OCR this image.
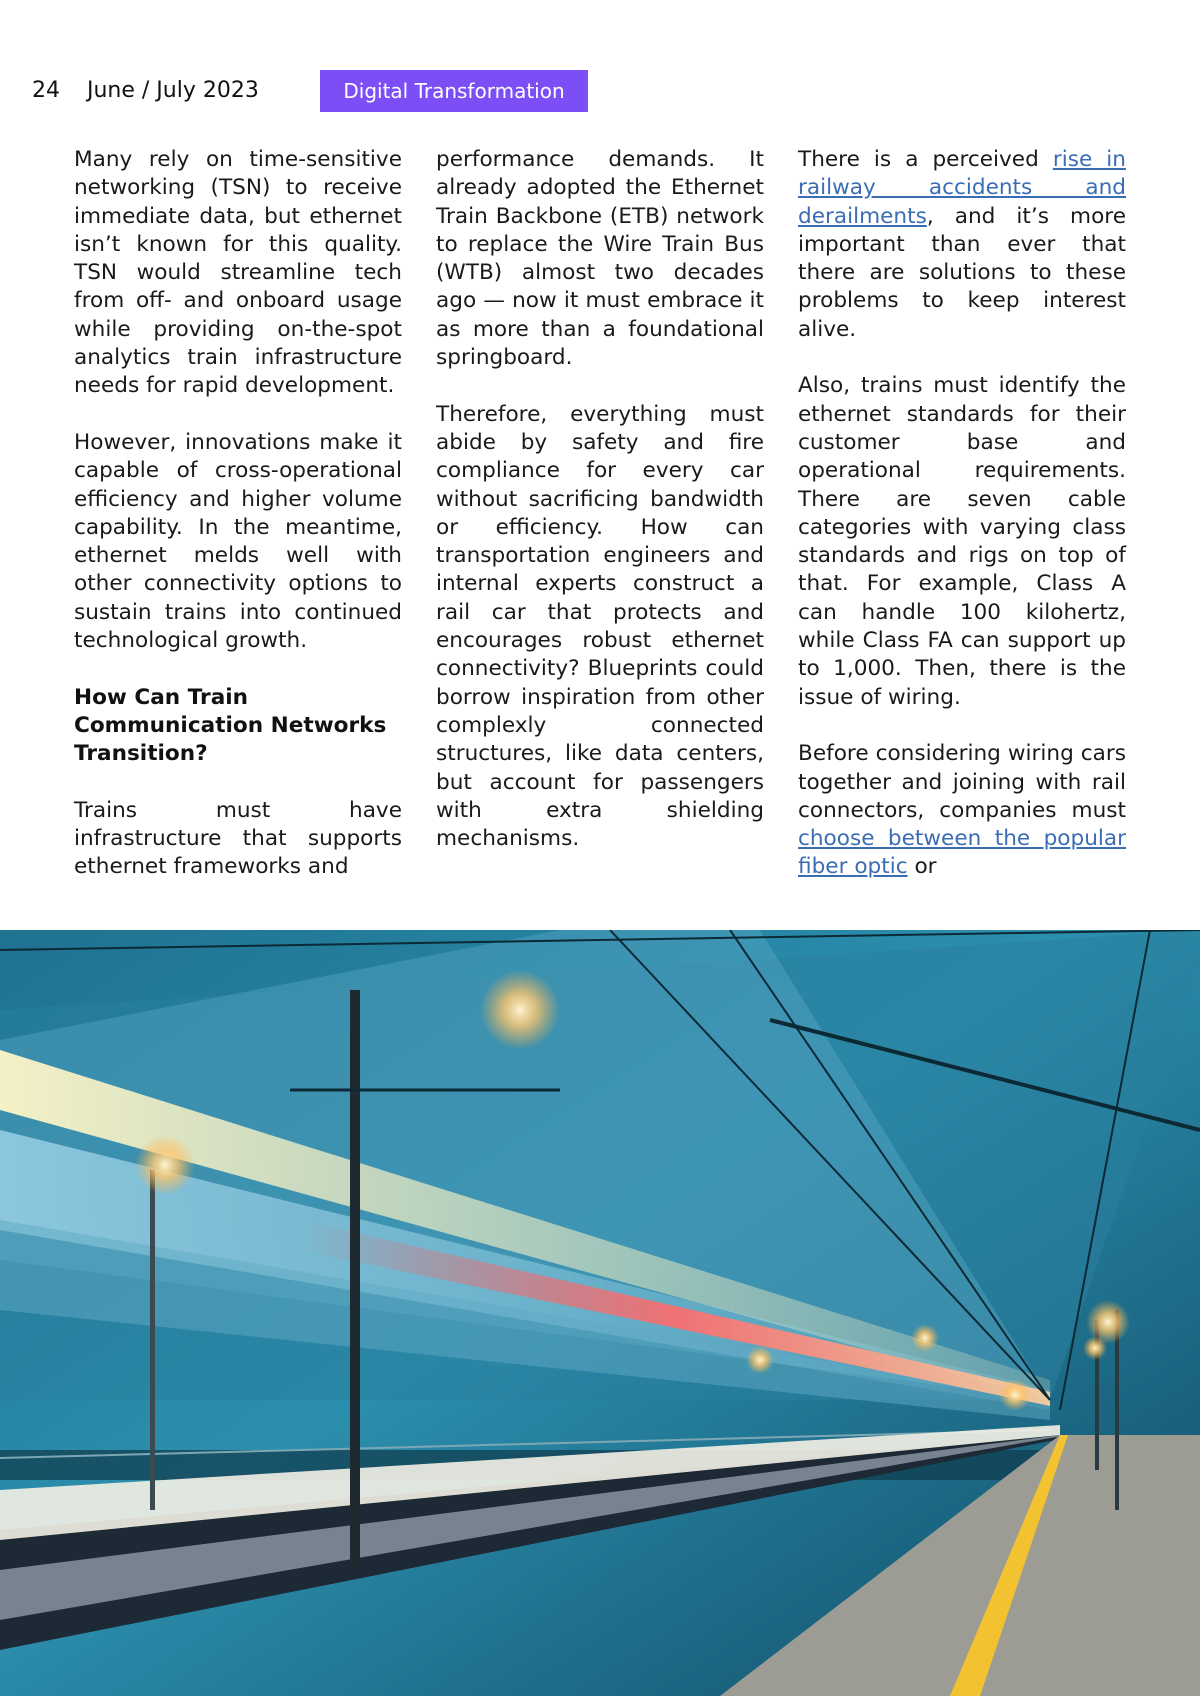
24 June / July 2023	Digital Transformation

Many rely on time-sensitive networking (TSN) to receive immediate data, but ethernet isn’t known for this quality. TSN would streamline tech from off- and onboard usage while providing on-the-spot analytics train infrastructure needs for rapid development.

However, innovations make it capable of cross-operational efficiency and higher volume capability. In the meantime, ethernet melds well with other connectivity options to sustain trains into continued technological growth.

How Can Train Communication Networks Transition?

Trains must have infrastructure that supports ethernet frameworks and

performance demands. It already adopted the Ethernet Train Backbone (ETB) network to replace the Wire Train Bus (WTB) almost two decades ago — now it must embrace it as more than a foundational springboard.

Therefore, everything must abide by safety and fire compliance for every car without sacrificing bandwidth or efficiency. How can transportation engineers and internal experts construct a rail car that protects and encourages robust ethernet connectivity? Blueprints could borrow inspiration from other complexly connected structures, like data centers, but account for passengers with extra shielding mechanisms.

There is a perceived rise in railway accidents and derailments, and it’s more important than ever that there are solutions to these problems to keep interest alive.

Also, trains must identify the ethernet standards for their customer base and operational requirements. There are seven cable categories with varying class standards and rigs on top of that. For example, Class A can handle 100 kilohertz, while Class FA can support up to 1,000. Then, there is the issue of wiring.

Before considering wiring cars together and joining with rail connectors, companies must choose between the popular fiber optic or
